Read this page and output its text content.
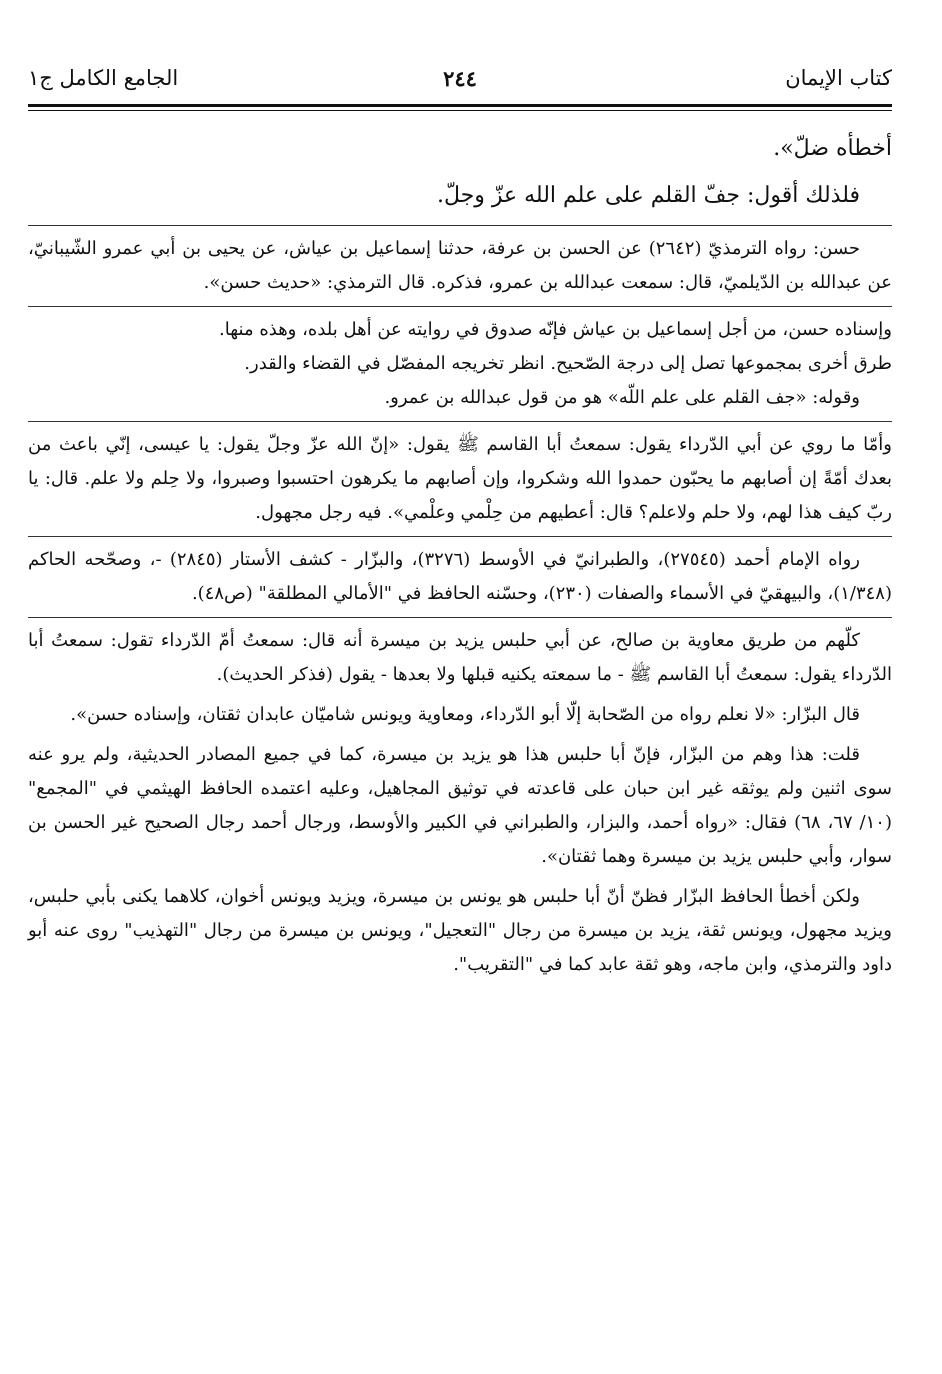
كتاب الإيمان
٢٤٤
الجامع الكامل ج١

أخطأه ضلّ».

فلذلك أقول: جفّ القلم على علم الله عزّ وجلّ.

حسن: رواه الترمذيّ (٢٦٤٢) عن الحسن بن عرفة، حدثنا إسماعيل بن عياش، عن يحيى بن أبي عمرو الشّيبانيّ، عن عبدالله بن الدّيلميّ، قال: سمعت عبدالله بن عمرو، فذكره. قال الترمذي: «حديث حسن».

وإسناده حسن، من أجل إسماعيل بن عياش فإنّه صدوق في روايته عن أهل بلده، وهذه منها.

طرق أخرى بمجموعها تصل إلى درجة الصّحيح. انظر تخريجه المفصّل في القضاء والقدر.

وقوله: «جف القلم على علم اللّه» هو من قول عبدالله بن عمرو.

وأمّا ما روي عن أبي الدّرداء يقول: سمعتُ أبا القاسم ﷺ يقول: «إنّ الله عزّ وجلّ يقول: يا عيسى، إنّي باعث من بعدك أمّةً إن أصابهم ما يحبّون حمدوا الله وشكروا، وإن أصابهم ما يكرهون احتسبوا وصبروا، ولا حِلم ولا علم. قال: يا ربّ كيف هذا لهم، ولا حلم ولاعلم؟ قال: أعطيهم من حِلْمي وعلْمي». فيه رجل مجهول.

رواه الإمام أحمد (٢٧٥٤٥)، والطبرانيّ في الأوسط (٣٢٧٦)، والبزّار - كشف الأستار (٢٨٤٥) -، وصحّحه الحاكم (١/٣٤٨)، والبيهقيّ في الأسماء والصفات (٢٣٠)، وحسّنه الحافظ في "الأمالي المطلقة" (ص٤٨).

كلّهم من طريق معاوية بن صالح، عن أبي حلبس يزيد بن ميسرة أنه قال: سمعتُ أمّ الدّرداء تقول: سمعتُ أبا الدّرداء يقول: سمعتُ أبا القاسم ﷺ - ما سمعته يكنيه قبلها ولا بعدها - يقول (فذكر الحديث).

قال البزّار: «لا نعلم رواه من الصّحابة إلّا أبو الدّرداء، ومعاوية ويونس شاميّان عابدان ثقتان، وإسناده حسن».

قلت: هذا وهم من البزّار، فإنّ أبا حلبس هذا هو يزيد بن ميسرة، كما في جميع المصادر الحديثية، ولم يرو عنه سوى اثنين ولم يوثقه غير ابن حبان على قاعدته في توثيق المجاهيل، وعليه اعتمده الحافظ الهيثمي في "المجمع" (١٠/ ٦٧، ٦٨) فقال: «رواه أحمد، والبزار، والطبراني في الكبير والأوسط، ورجال أحمد رجال الصحيح غير الحسن بن سوار، وأبي حلبس يزيد بن ميسرة وهما ثقتان».

ولكن أخطأ الحافظ البزّار فظنّ أنّ أبا حلبس هو يونس بن ميسرة، ويزيد ويونس أخوان، كلاهما يكنى بأبي حلبس، ويزيد مجهول، ويونس ثقة، يزيد بن ميسرة من رجال "التعجيل"، ويونس بن ميسرة من رجال "التهذيب" روى عنه أبو داود والترمذي، وابن ماجه، وهو ثقة عابد كما في "التقريب".
